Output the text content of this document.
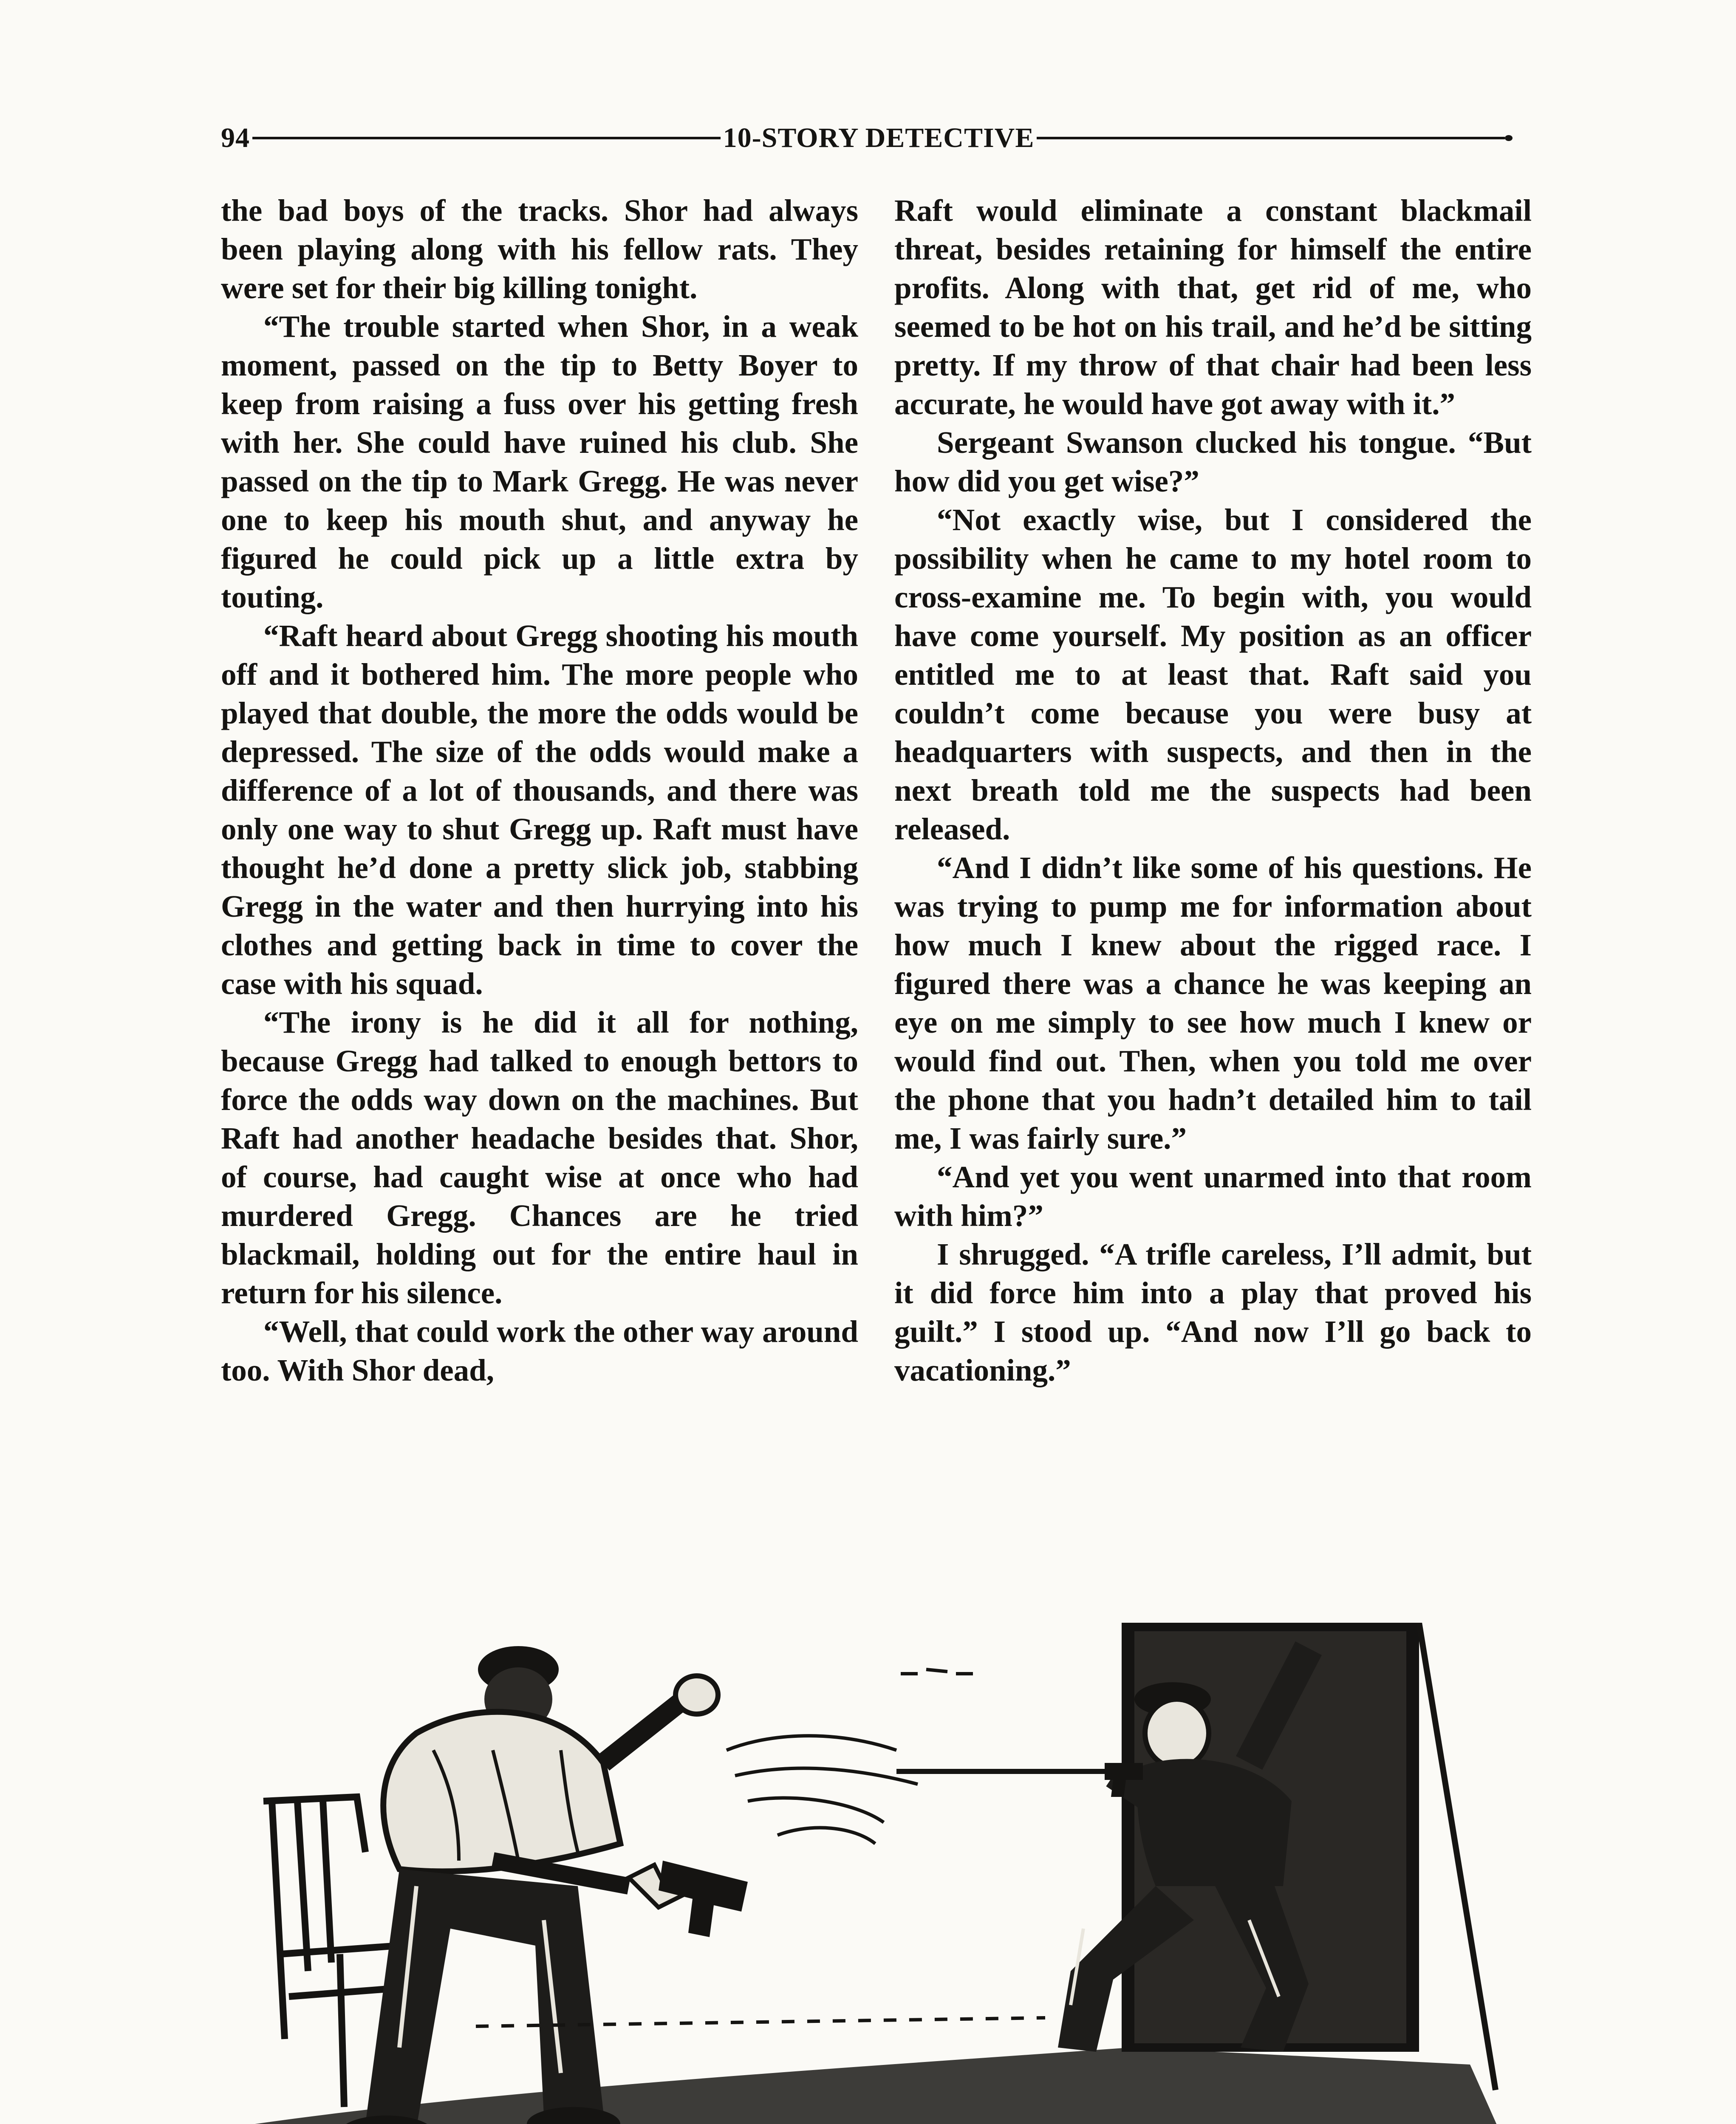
94	10-STORY DETECTIVE

the bad boys of the tracks. Shor had always been playing along with his fellow rats. They were set for their big killing tonight.

“The trouble started when Shor, in a weak moment, passed on the tip to Betty Boyer to keep from raising a fuss over his getting fresh with her. She could have ruined his club. She passed on the tip to Mark Gregg. He was never one to keep his mouth shut, and anyway he figured he could pick up a little extra by touting.

“Raft heard about Gregg shooting his mouth off and it bothered him. The more people who played that double, the more the odds would be depressed. The size of the odds would make a difference of a lot of thousands, and there was only one way to shut Gregg up. Raft must have thought he’d done a pretty slick job, stabbing Gregg in the water and then hurrying into his clothes and getting back in time to cover the case with his squad.

“The irony is he did it all for nothing, because Gregg had talked to enough bettors to force the odds way down on the machines. But Raft had another headache besides that. Shor, of course, had caught wise at once who had murdered Gregg. Chances are he tried blackmail, holding out for the entire haul in return for his silence.

“Well, that could work the other way around too. With Shor dead,

Raft would eliminate a constant blackmail threat, besides retaining for himself the entire profits. Along with that, get rid of me, who seemed to be hot on his trail, and he’d be sitting pretty. If my throw of that chair had been less accurate, he would have got away with it.”

Sergeant Swanson clucked his tongue. “But how did you get wise?”

“Not exactly wise, but I considered the possibility when he came to my hotel room to cross-examine me. To begin with, you would have come yourself. My position as an officer entitled me to at least that. Raft said you couldn’t come because you were busy at headquarters with suspects, and then in the next breath told me the suspects had been released.

“And I didn’t like some of his questions. He was trying to pump me for information about how much I knew about the rigged race. I figured there was a chance he was keeping an eye on me simply to see how much I knew or would find out. Then, when you told me over the phone that you hadn’t detailed him to tail me, I was fairly sure.”

“And yet you went unarmed into that room with him?”

I shrugged. “A trifle careless, I’ll admit, but it did force him into a play that proved his guilt.” I stood up. “And now I’ll go back to vacationing.”
